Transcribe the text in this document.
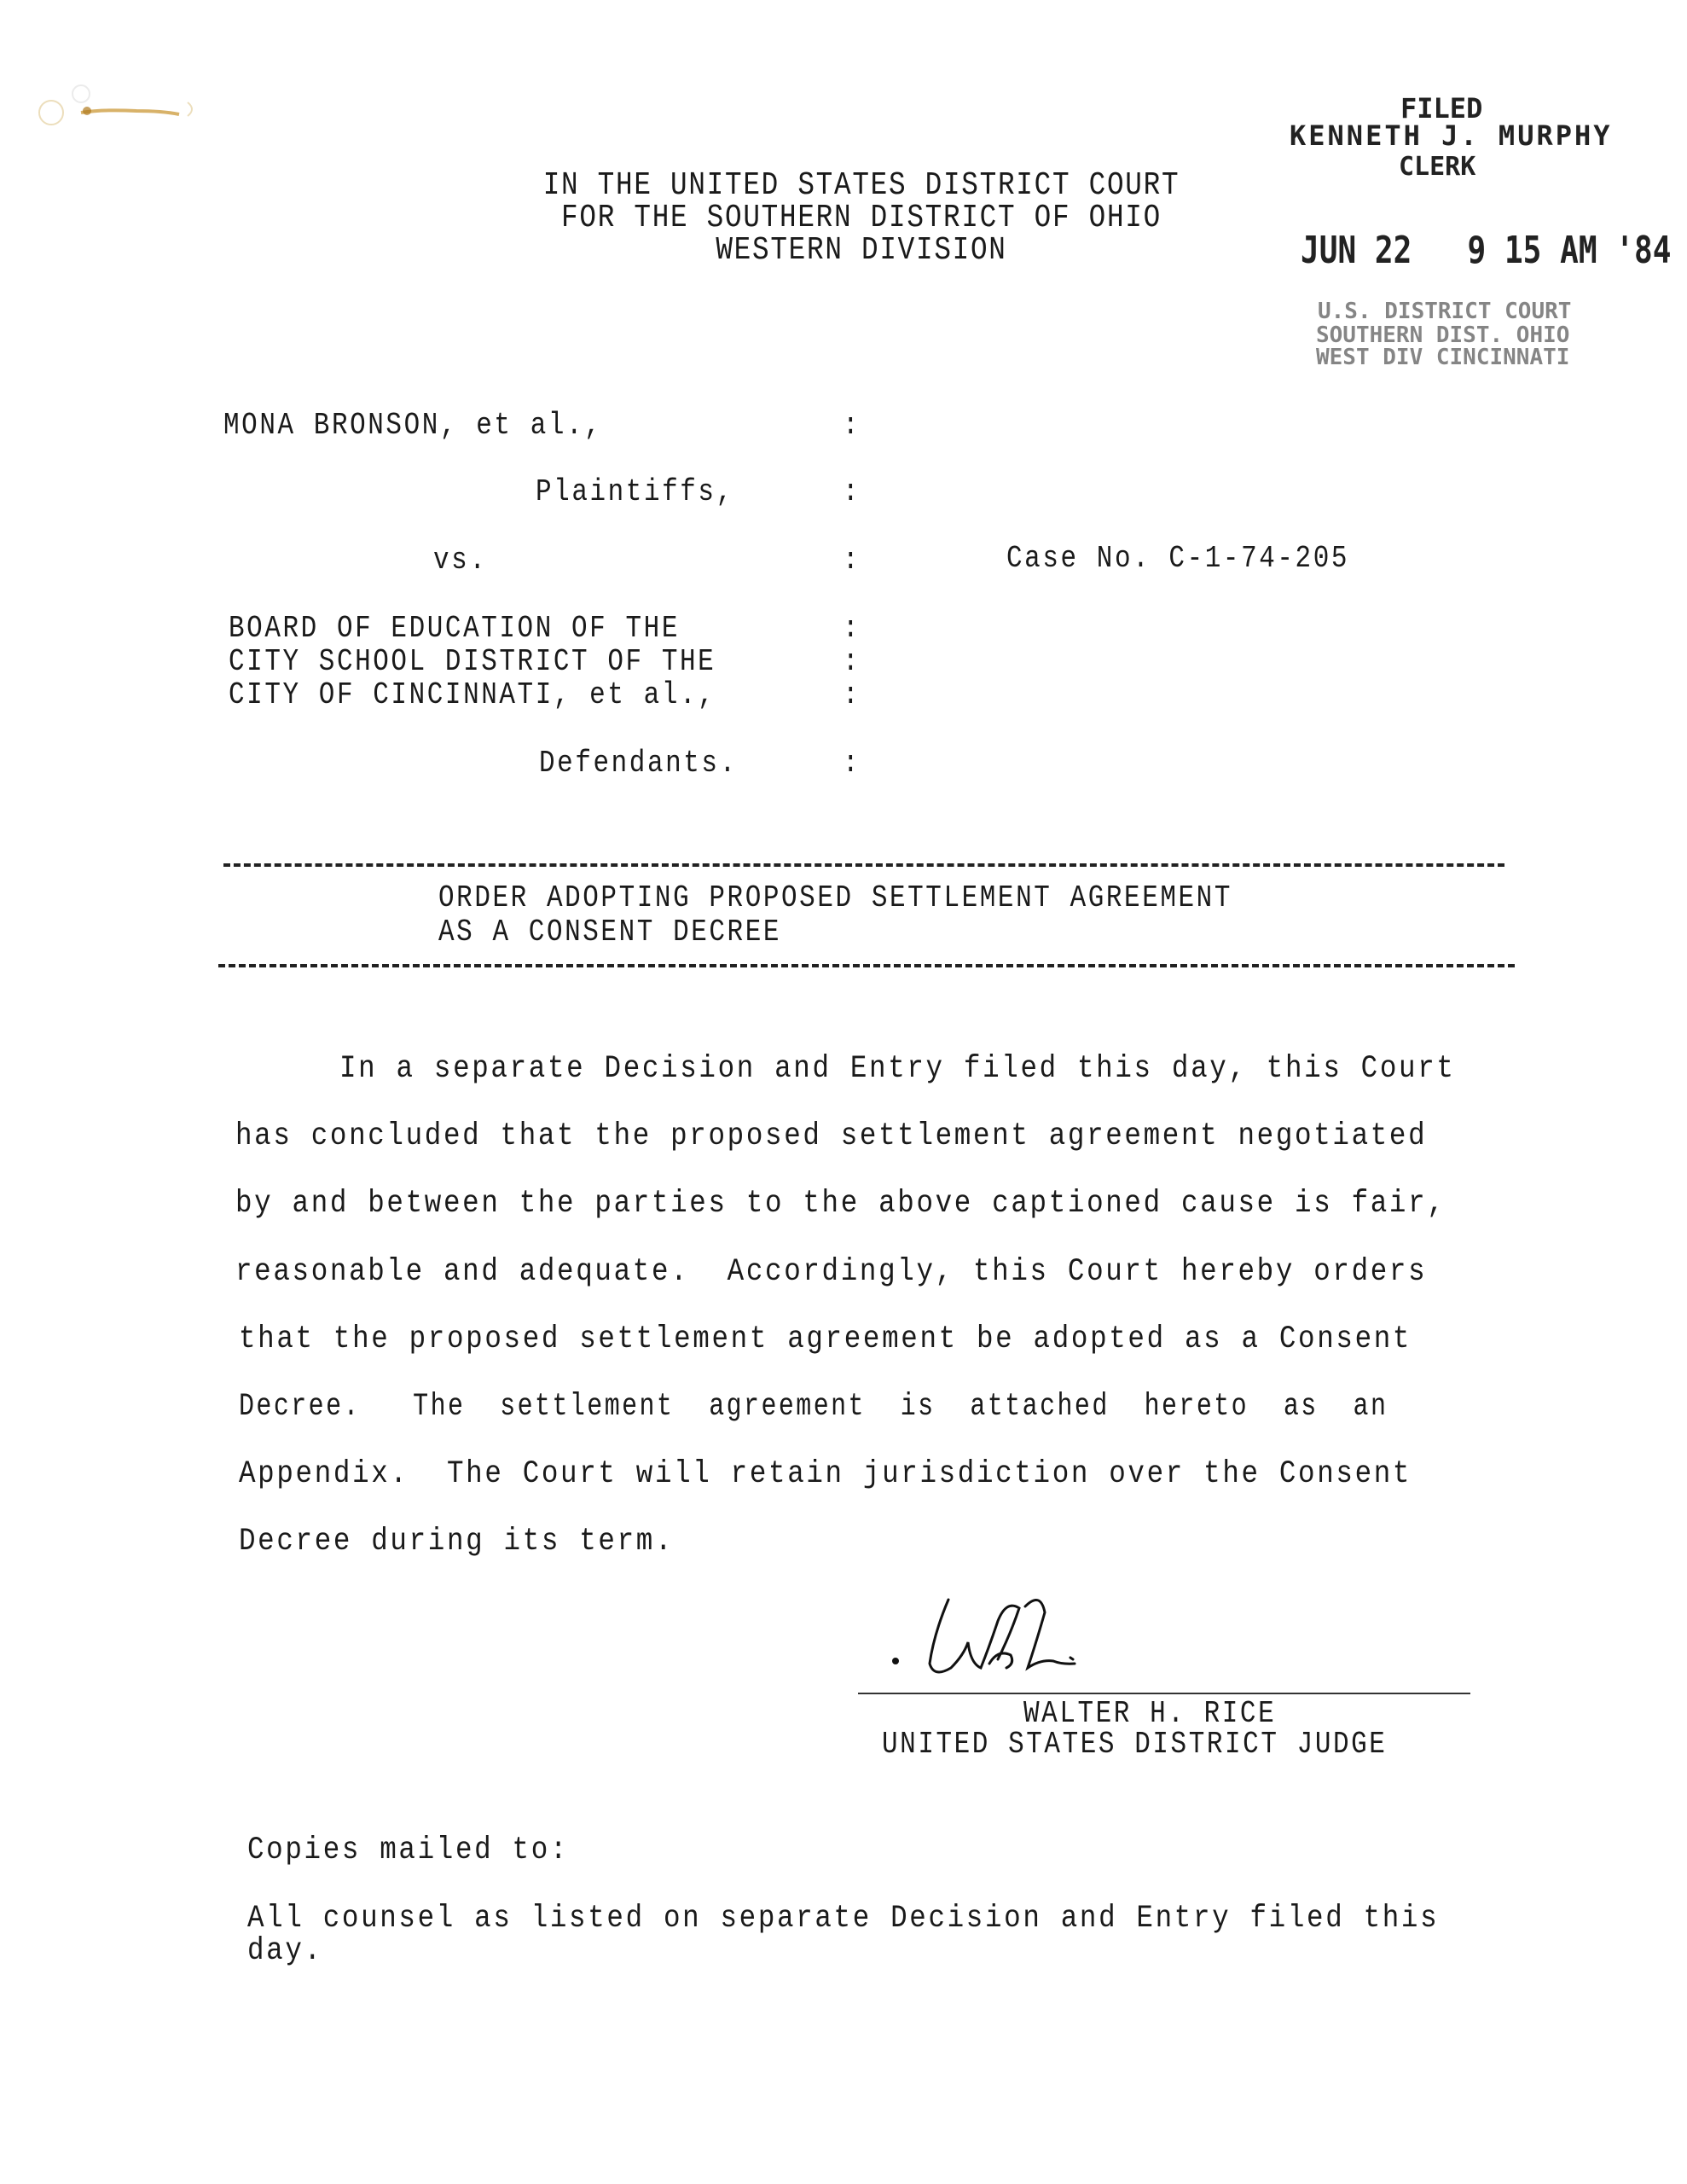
FILED
KENNETH J. MURPHY
CLERK
JUN 22   9 15 AM '84
U.S. DISTRICT COURT
SOUTHERN DIST. OHIO
WEST DIV CINCINNATI
IN THE UNITED STATES DISTRICT COURT
FOR THE SOUTHERN DISTRICT OF OHIO
WESTERN DIVISION
MONA BRONSON, et al.,	:
Plaintiffs,	:
vs.	:	Case No. C-1-74-205
BOARD OF EDUCATION OF THE	:
CITY SCHOOL DISTRICT OF THE	:
CITY OF CINCINNATI, et al.,	:
Defendants.	:
ORDER ADOPTING PROPOSED SETTLEMENT AGREEMENT
AS A CONSENT DECREE
In a separate Decision and Entry filed this day, this Court
has concluded that the proposed settlement agreement negotiated
by and between the parties to the above captioned cause is fair,
reasonable and adequate.  Accordingly, this Court hereby orders
that the proposed settlement agreement be adopted as a Consent
Decree.   The  settlement  agreement  is  attached  hereto  as  an
Appendix.  The Court will retain jurisdiction over the Consent
Decree during its term.
WALTER H. RICE
UNITED STATES DISTRICT JUDGE
Copies mailed to:
All counsel as listed on separate Decision and Entry filed this
day.
